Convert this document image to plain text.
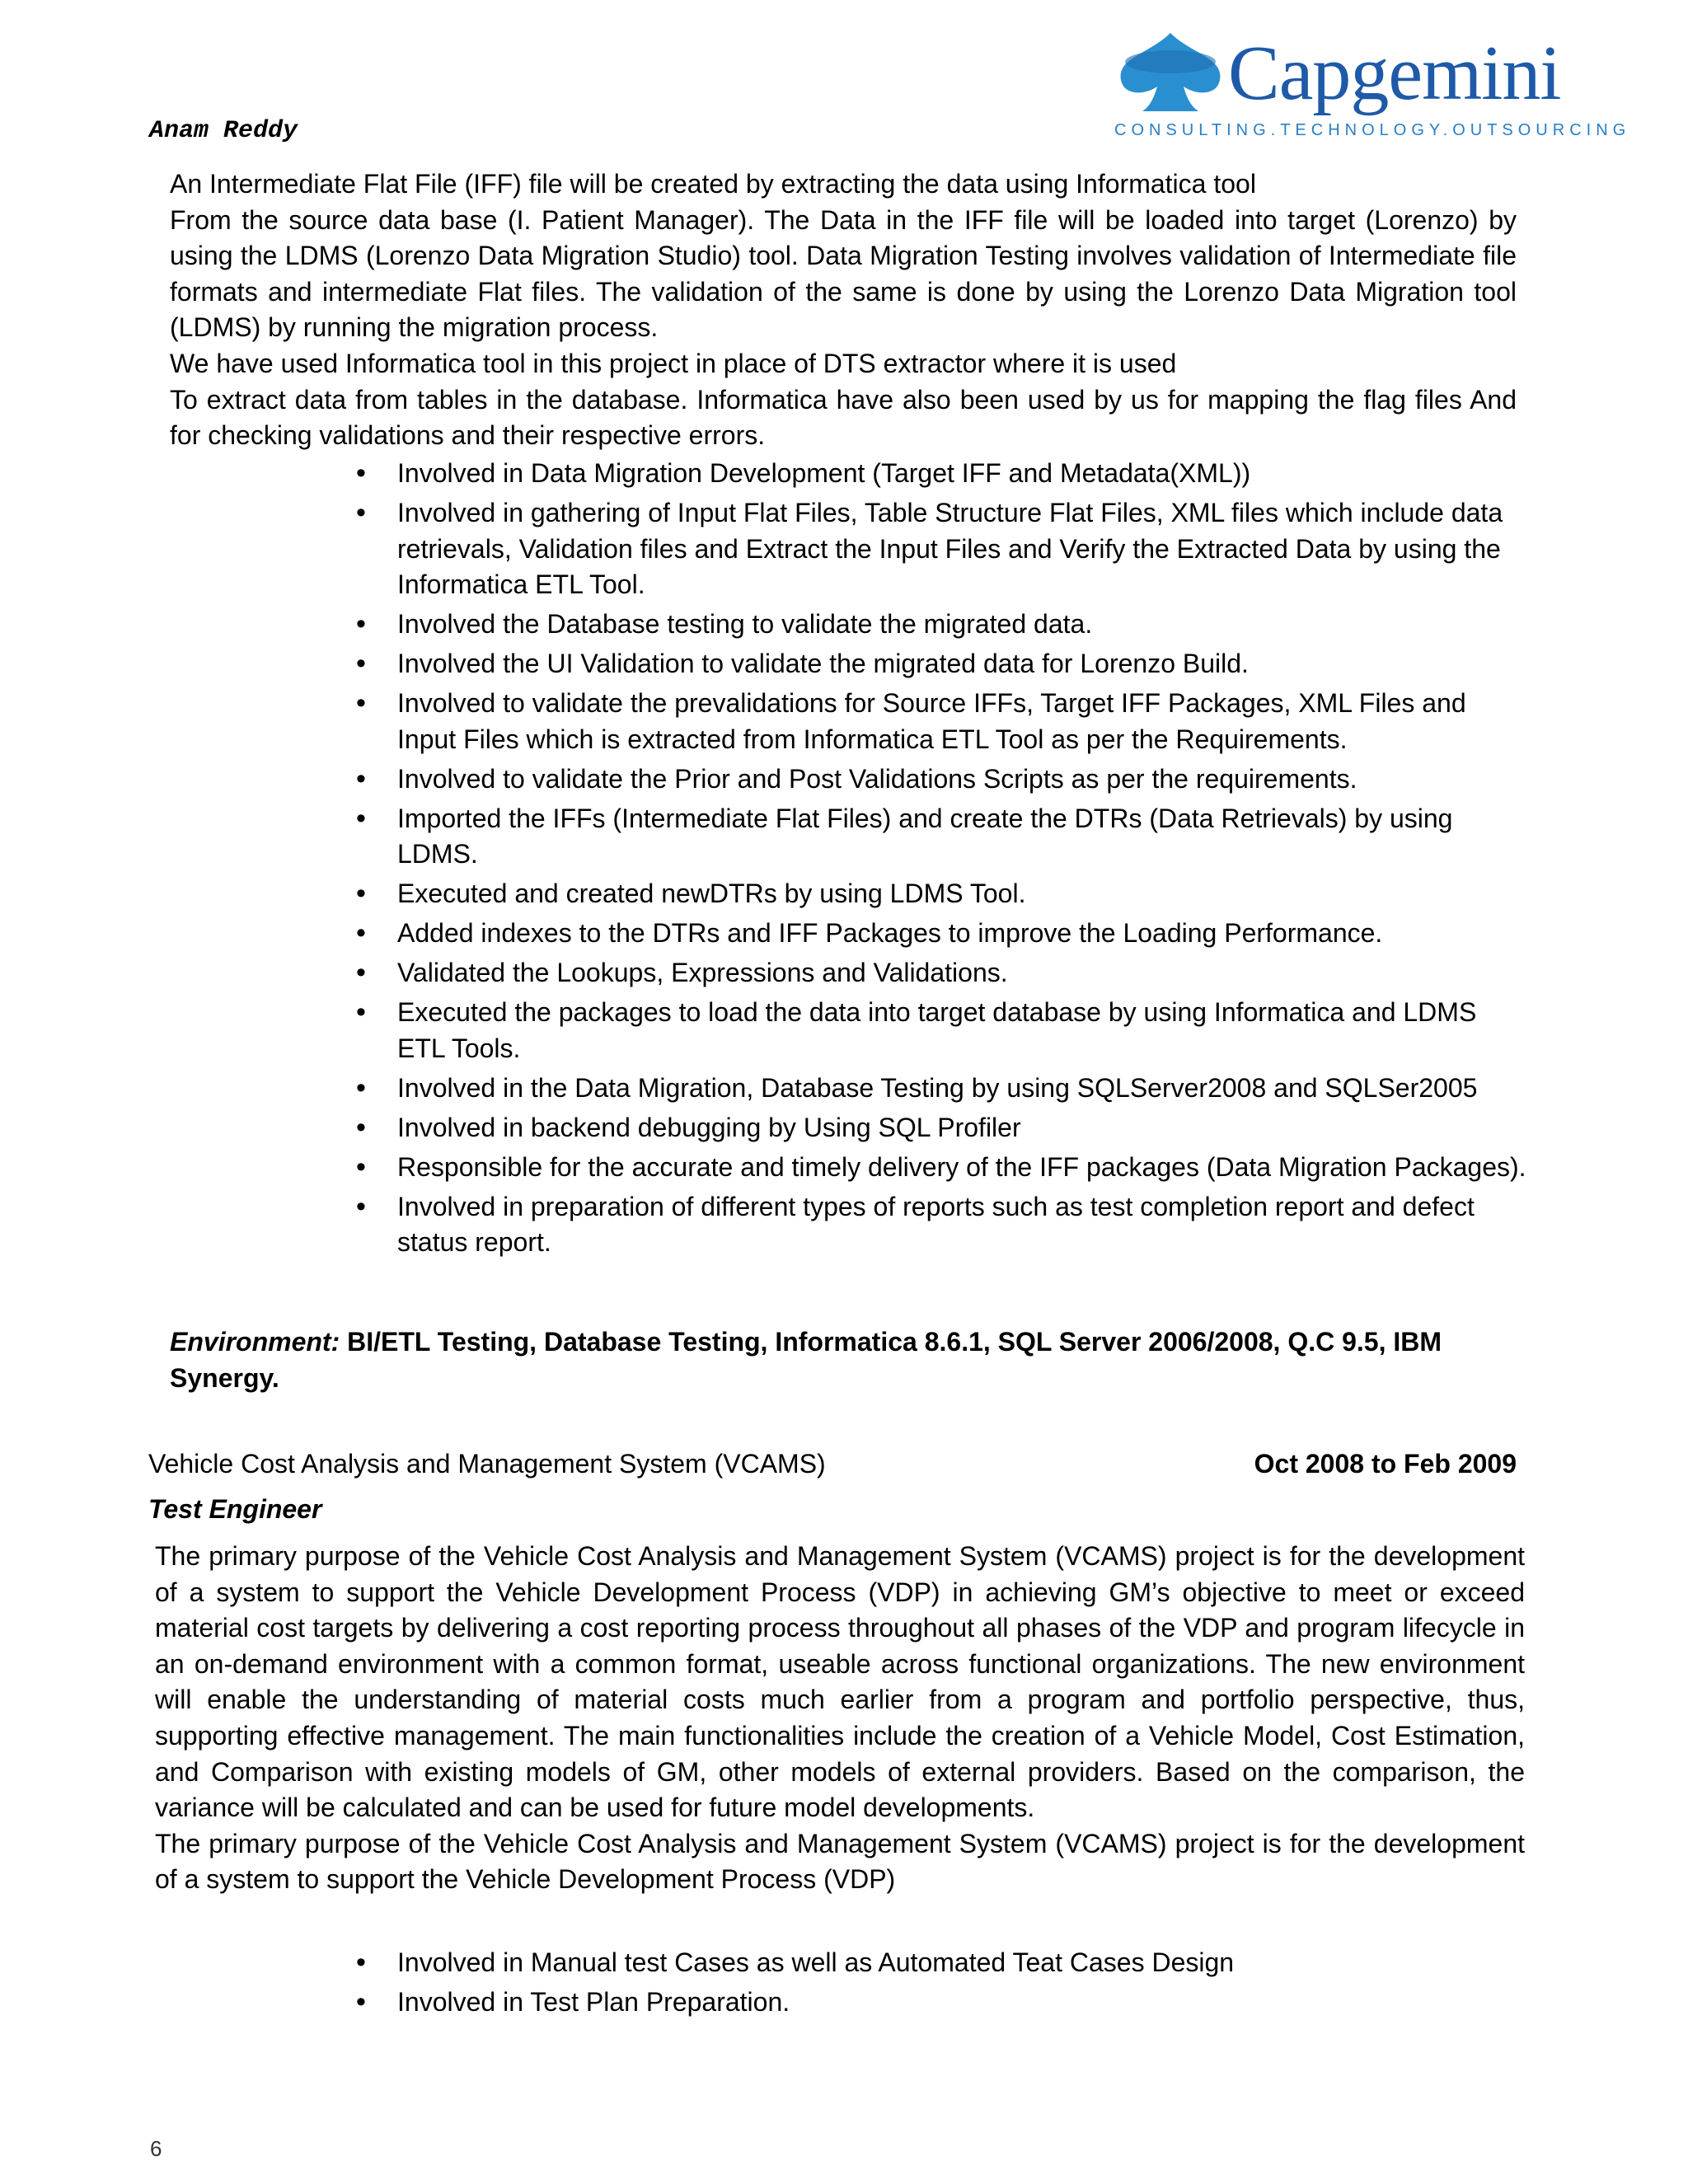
Anam Reddy
Capgemini
CONSULTING.TECHNOLOGY.OUTSOURCING

An Intermediate Flat File (IFF) file will be created by extracting the data using Informatica tool

From the source data base (I. Patient Manager). The Data in the IFF file will be loaded into target (Lorenzo) by using the LDMS (Lorenzo Data Migration Studio) tool. Data Migration Testing involves validation of Intermediate file formats and intermediate Flat files. The validation of the same is done by using the Lorenzo Data Migration tool (LDMS) by running the migration process.

We have used Informatica tool in this project in place of DTS extractor where it is used

To extract data from tables in the database. Informatica have also been used by us for mapping the flag files And for checking validations and their respective errors.

• Involved in Data Migration Development (Target IFF and Metadata(XML))
• Involved in gathering of Input Flat Files, Table Structure Flat Files, XML files which include data retrievals, Validation files and Extract the Input Files and Verify the Extracted Data by using the Informatica ETL Tool.
• Involved the Database testing to validate the migrated data.
• Involved the UI Validation to validate the migrated data for Lorenzo Build.
• Involved to validate the prevalidations for Source IFFs, Target IFF Packages, XML Files and Input Files which is extracted from Informatica ETL Tool as per the Requirements.
• Involved to validate the Prior and Post Validations Scripts as per the requirements.
• Imported the IFFs (Intermediate Flat Files) and create the DTRs (Data Retrievals) by using LDMS.
• Executed and created newDTRs by using LDMS Tool.
• Added indexes to the DTRs and IFF Packages to improve the Loading Performance.
• Validated the Lookups, Expressions and Validations.
• Executed the packages to load the data into target database by using Informatica and LDMS ETL Tools.
• Involved in the Data Migration, Database Testing by using SQLServer2008 and SQLSer2005
• Involved in backend debugging by Using SQL Profiler
• Responsible for the accurate and timely delivery of the IFF packages (Data Migration Packages).
• Involved in preparation of different types of reports such as test completion report and defect status report.
Environment: BI/ETL Testing, Database Testing, Informatica 8.6.1, SQL Server 2006/2008, Q.C 9.5, IBM Synergy.
Vehicle Cost Analysis and Management System (VCAMS)	Oct 2008 to Feb 2009
Test Engineer

The primary purpose of the Vehicle Cost Analysis and Management System (VCAMS) project is for the development of a system to support the Vehicle Development Process (VDP) in achieving GM’s objective to meet or exceed material cost targets by delivering a cost reporting process throughout all phases of the VDP and program lifecycle in an on-demand environment with a common format, useable across functional organizations. The new environment will enable the understanding of material costs much earlier from a program and portfolio perspective, thus, supporting effective management. The main functionalities include the creation of a Vehicle Model, Cost Estimation, and Comparison with existing models of GM, other models of external providers. Based on the comparison, the variance will be calculated and can be used for future model developments.

The primary purpose of the Vehicle Cost Analysis and Management System (VCAMS) project is for the development of a system to support the Vehicle Development Process (VDP)

• Involved in Manual test Cases as well as Automated Teat Cases Design
• Involved in Test Plan Preparation.
6
